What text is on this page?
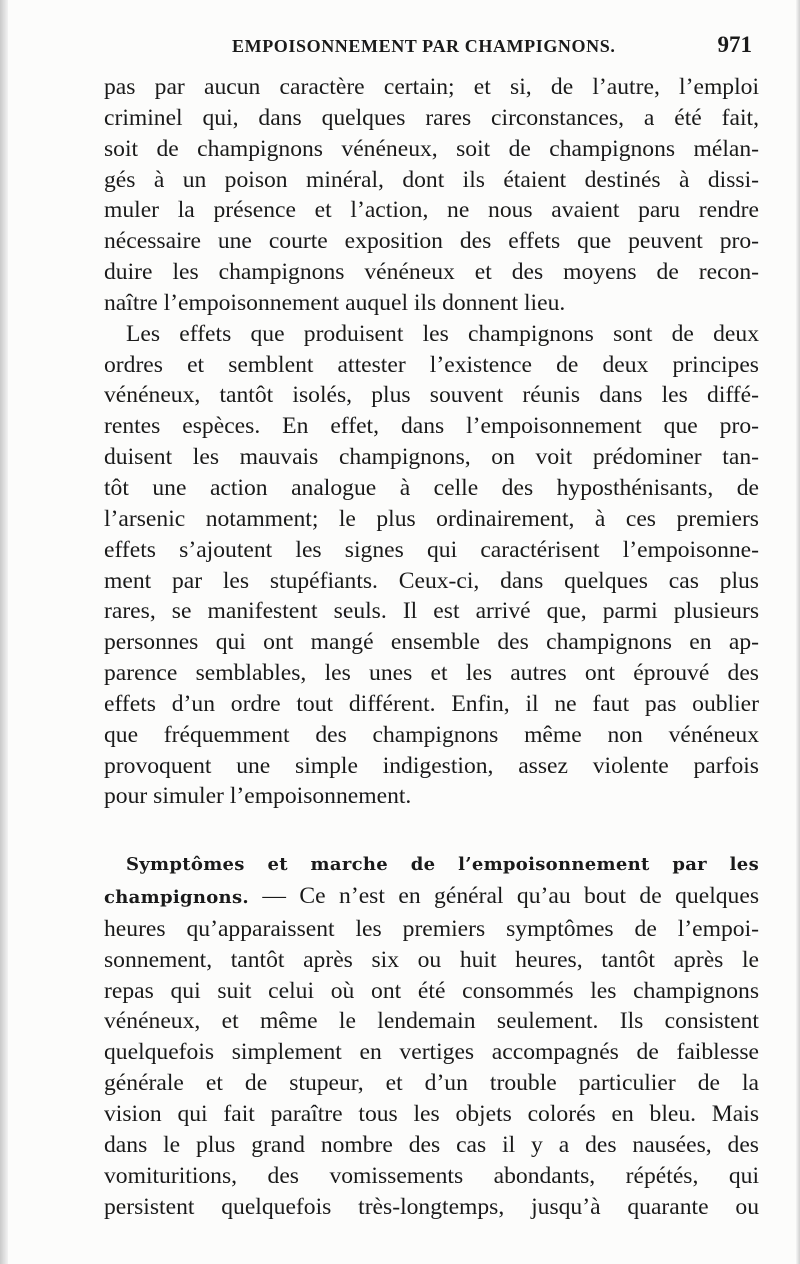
EMPOISONNEMENT PAR CHAMPIGNONS.	971

pas par aucun caractère certain; et si, de l’autre, l’emploi

criminel qui, dans quelques rares circonstances, a été fait,

soit de champignons vénéneux, soit de champignons mélan-

gés à un poison minéral, dont ils étaient destinés à dissi-

muler la présence et l’action, ne nous avaient paru rendre

nécessaire une courte exposition des effets que peuvent pro-

duire les champignons vénéneux et des moyens de recon-

naître l’empoisonnement auquel ils donnent lieu.

Les effets que produisent les champignons sont de deux

ordres et semblent attester l’existence de deux principes

vénéneux, tantôt isolés, plus souvent réunis dans les diffé-

rentes espèces. En effet, dans l’empoisonnement que pro-

duisent les mauvais champignons, on voit prédominer tan-

tôt une action analogue à celle des hyposthénisants, de

l’arsenic notamment; le plus ordinairement, à ces premiers

effets s’ajoutent les signes qui caractérisent l’empoisonne-

ment par les stupéfiants. Ceux-ci, dans quelques cas plus

rares, se manifestent seuls. Il est arrivé que, parmi plusieurs

personnes qui ont mangé ensemble des champignons en ap-

parence semblables, les unes et les autres ont éprouvé des

effets d’un ordre tout différent. Enfin, il ne faut pas oublier

que fréquemment des champignons même non vénéneux

provoquent une simple indigestion, assez violente parfois

pour simuler l’empoisonnement.

Symptômes et marche de l’empoisonnement par les

champignons. — Ce n’est en général qu’au bout de quelques

heures qu’apparaissent les premiers symptômes de l’empoi-

sonnement, tantôt après six ou huit heures, tantôt après le

repas qui suit celui où ont été consommés les champignons

vénéneux, et même le lendemain seulement. Ils consistent

quelquefois simplement en vertiges accompagnés de faiblesse

générale et de stupeur, et d’un trouble particulier de la

vision qui fait paraître tous les objets colorés en bleu. Mais

dans le plus grand nombre des cas il y a des nausées, des

vomituritions, des vomissements abondants, répétés, qui

persistent quelquefois très-longtemps, jusqu’à quarante ou
